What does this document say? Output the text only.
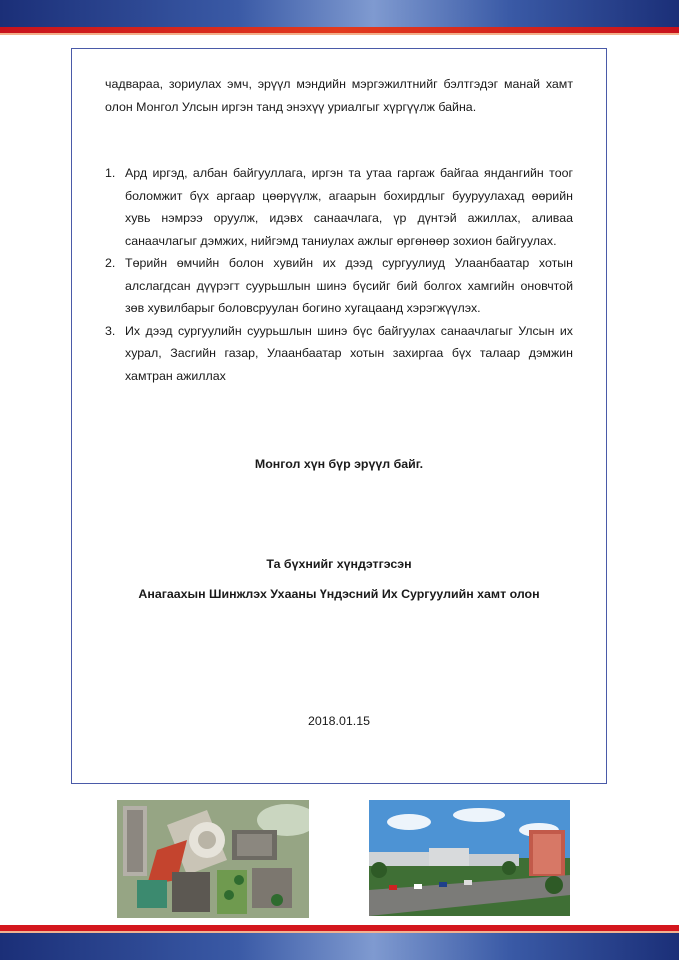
чадвараа, зориулах эмч, эрүүл мэндийн мэргэжилтнийг бэлтгэдэг манай хамт олон Монгол Улсын иргэн танд энэхүү уриалгыг хүргүүлж байна.

1. Ард иргэд, албан байгууллага, иргэн та утаа гаргаж байгаа яндангийн тоог боломжит бүх аргаар цөөрүүлж, агаарын бохирдлыг бууруулахад өөрийн хувь нэмрээ оруулж, идэвх санаачлага, үр дүнтэй ажиллах, аливаа санаачлагыг дэмжих, нийгэмд таниулах ажлыг өргөнөөр зохион байгуулах.
2. Төрийн өмчийн болон хувийн их дээд сургуулиуд Улаанбаатар хотын алслагдсан дүүрэгт суурьшлын шинэ бүсийг бий болгох хамгийн оновчтой зөв хувилбарыг боловсруулан богино хугацаанд хэрэгжүүлэх.
3. Их дээд сургуулийн суурьшлын шинэ бүс байгуулах санаачлагыг Улсын их хурал, Засгийн газар, Улаанбаатар хотын захиргаа бүх талаар дэмжин хамтран ажиллах
Монгол хүн бүр эрүүл байг.
Та бүхнийг хүндэтгэсэн
Анагаахын Шинжлэх Ухааны Үндэсний Их Сургуулийн хамт олон
2018.01.15
